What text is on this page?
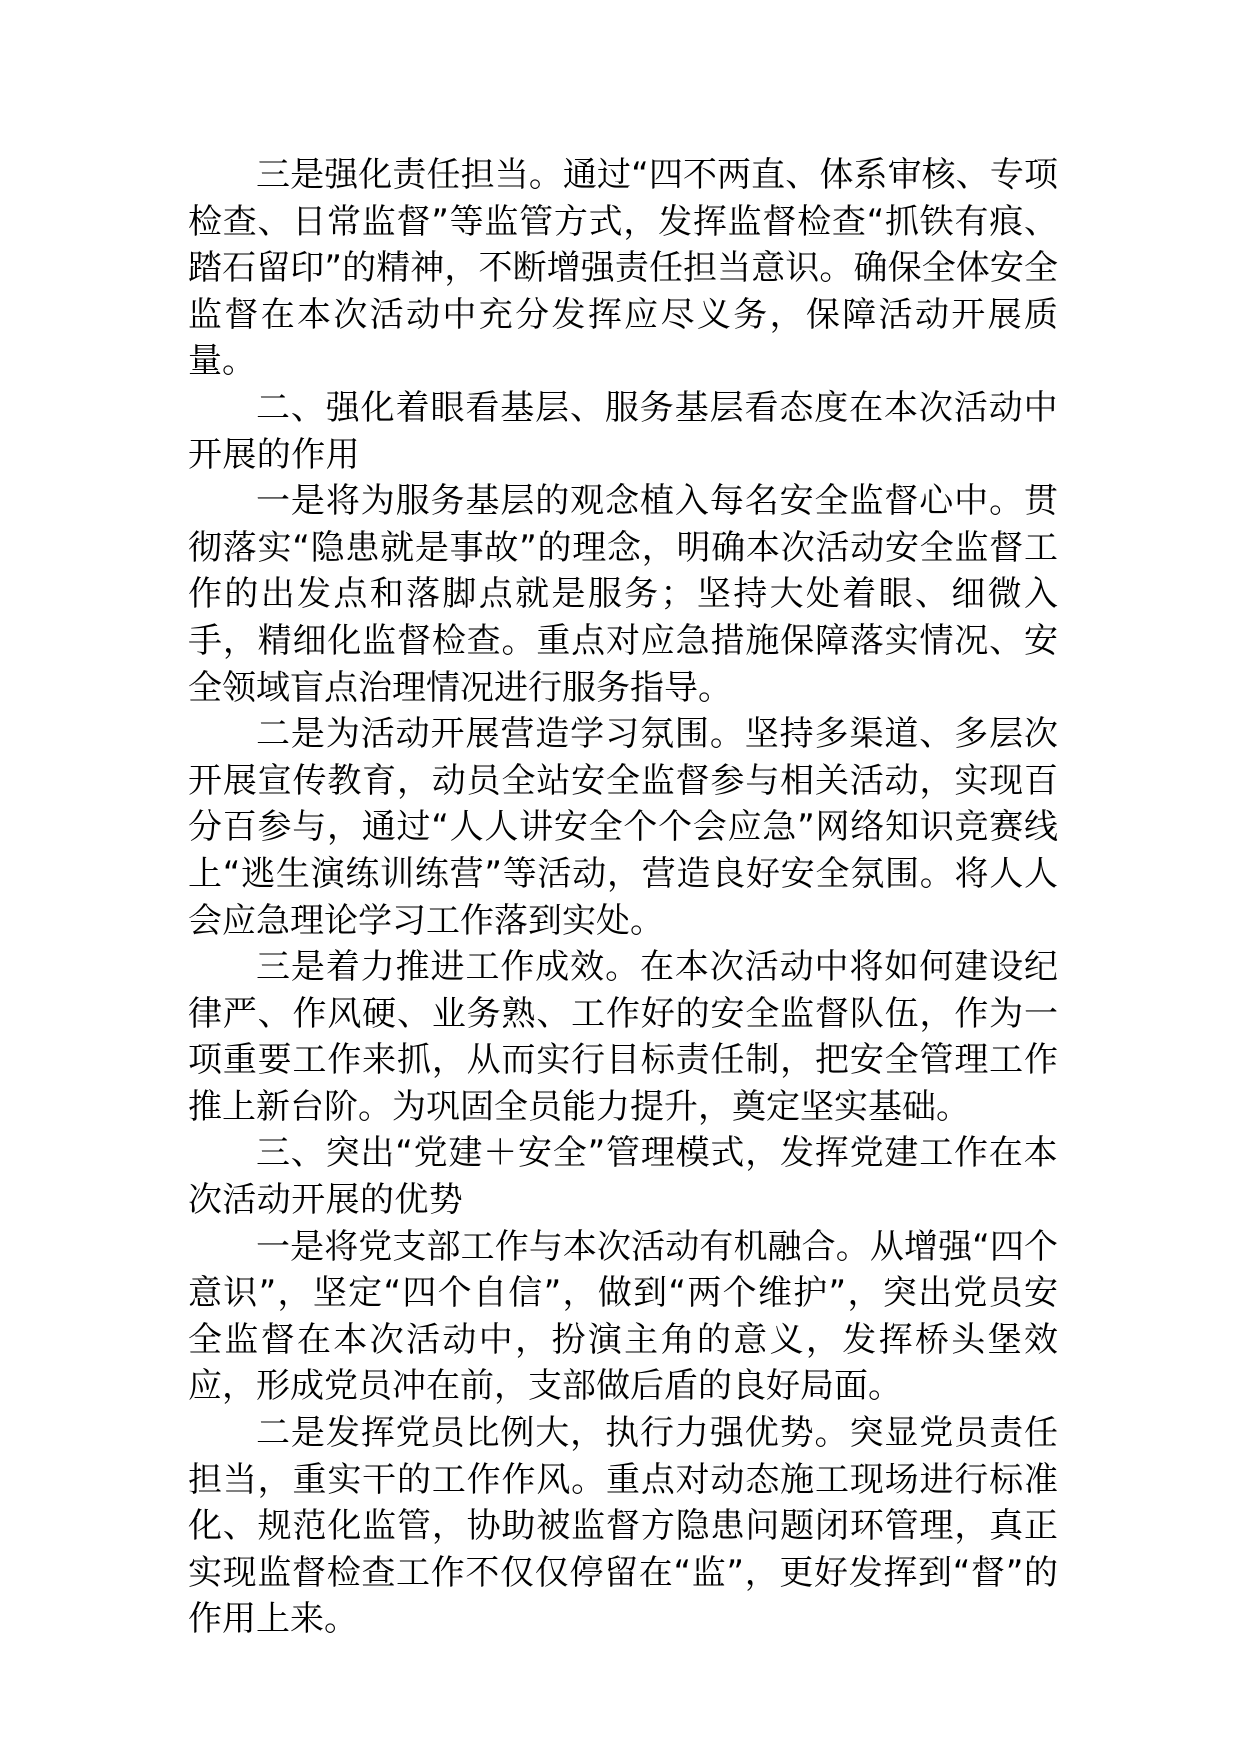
三是强化责任担当。通过“四不两直、体系审核、专项检查、日常监督”等监管方式，发挥监督检查“抓铁有痕、踏石留印”的精神，不断增强责任担当意识。确保全体安全监督在本次活动中充分发挥应尽义务，保障活动开展质量。

二、强化着眼看基层、服务基层看态度在本次活动中开展的作用

一是将为服务基层的观念植入每名安全监督心中。贯彻落实“隐患就是事故”的理念，明确本次活动安全监督工作的出发点和落脚点就是服务；坚持大处着眼、细微入手，精细化监督检查。重点对应急措施保障落实情况、安全领域盲点治理情况进行服务指导。

二是为活动开展营造学习氛围。坚持多渠道、多层次开展宣传教育，动员全站安全监督参与相关活动，实现百分百参与，通过“人人讲安全个个会应急”网络知识竞赛线上“逃生演练训练营”等活动，营造良好安全氛围。将人人会应急理论学习工作落到实处。

三是着力推进工作成效。在本次活动中将如何建设纪律严、作风硬、业务熟、工作好的安全监督队伍，作为一项重要工作来抓，从而实行目标责任制，把安全管理工作推上新台阶。为巩固全员能力提升，奠定坚实基础。

三、突出“党建＋安全”管理模式，发挥党建工作在本次活动开展的优势

一是将党支部工作与本次活动有机融合。从增强“四个意识”，坚定“四个自信”，做到“两个维护”，突出党员安全监督在本次活动中，扮演主角的意义，发挥桥头堡效应，形成党员冲在前，支部做后盾的良好局面。

二是发挥党员比例大，执行力强优势。突显党员责任担当，重实干的工作作风。重点对动态施工现场进行标准化、规范化监管，协助被监督方隐患问题闭环管理，真正实现监督检查工作不仅仅停留在“监”，更好发挥到“督”的作用上来。
